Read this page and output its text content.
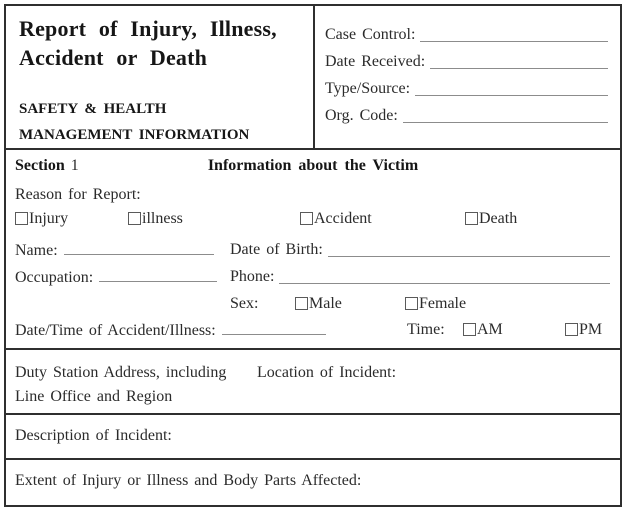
Report of Injury, Illness,
Accident or Death
SAFETY & HEALTH
MANAGEMENT INFORMATION
Case Control:
Date Received:
Type/Source:
Org. Code:
Section 1	Information about the Victim
Reason for Report:
Injury	illness	Accident	Death
Name:	Date of Birth:
Occupation:	Phone:
Sex:	Male	Female
Date/Time of Accident/Illness:	Time:	AM	PM
Duty Station Address, including Location of Incident:
Line Office and Region
Description of Incident:
Extent of Injury or Illness and Body Parts Affected:
